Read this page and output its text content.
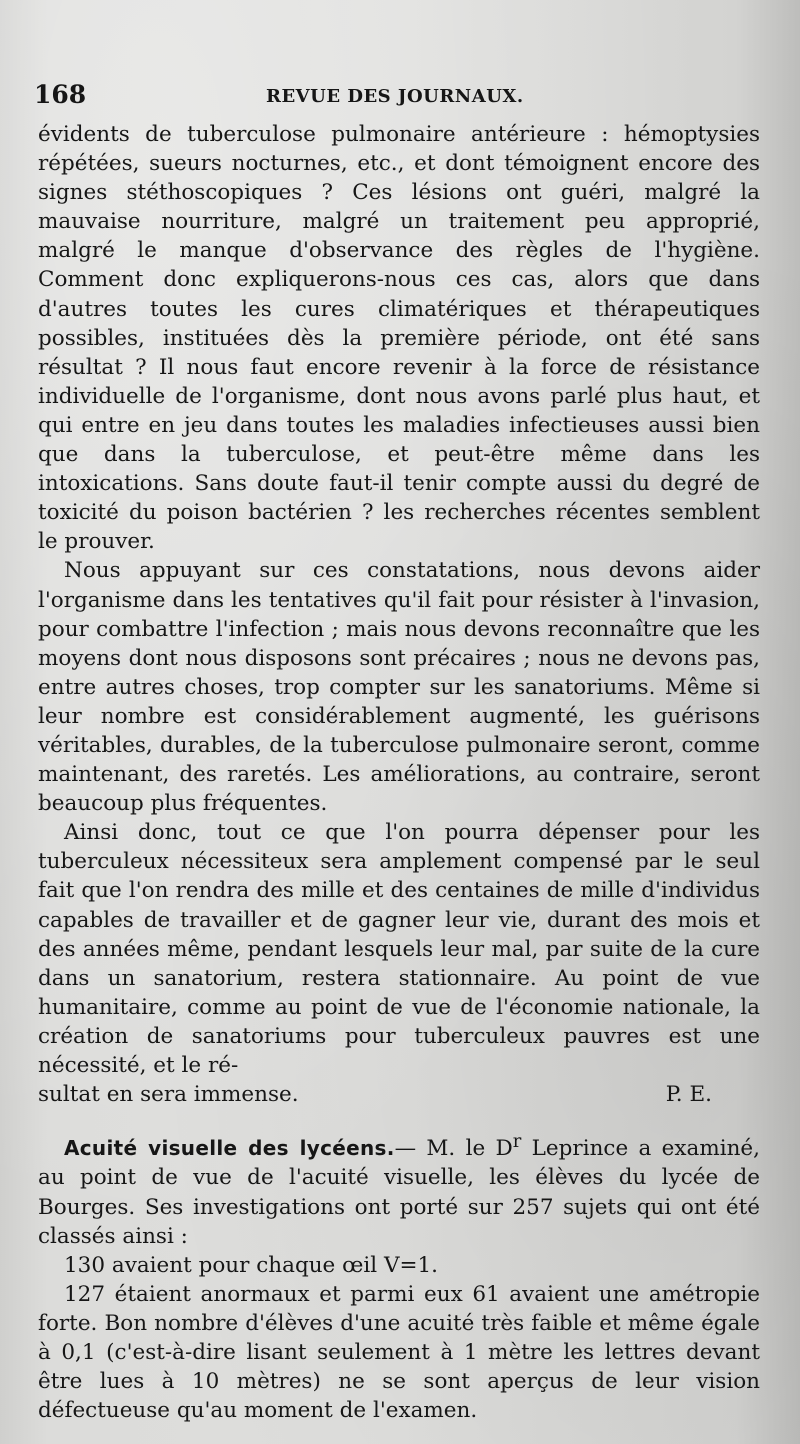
168	REVUE DES JOURNAUX.

évidents de tuberculose pulmonaire antérieure : hémoptysies répétées, sueurs nocturnes, etc., et dont témoignent encore des signes stéthoscopiques ? Ces lésions ont guéri, malgré la mauvaise nourriture, malgré un traitement peu approprié, malgré le manque d'observance des règles de l'hygiène. Comment donc expliquerons-nous ces cas, alors que dans d'autres toutes les cures climatériques et thérapeutiques possibles, instituées dès la première période, ont été sans résultat ? Il nous faut encore revenir à la force de résistance individuelle de l'organisme, dont nous avons parlé plus haut, et qui entre en jeu dans toutes les maladies infectieuses aussi bien que dans la tuberculose, et peut-être même dans les intoxications. Sans doute faut-il tenir compte aussi du degré de toxicité du poison bactérien ? les recherches récentes semblent le prouver.

Nous appuyant sur ces constatations, nous devons aider l'organisme dans les tentatives qu'il fait pour résister à l'invasion, pour combattre l'infection ; mais nous devons reconnaître que les moyens dont nous disposons sont précaires ; nous ne devons pas, entre autres choses, trop compter sur les sanatoriums. Même si leur nombre est considérablement augmenté, les guérisons véritables, durables, de la tuberculose pulmonaire seront, comme maintenant, des raretés. Les améliorations, au contraire, seront beaucoup plus fréquentes.

Ainsi donc, tout ce que l'on pourra dépenser pour les tuberculeux nécessiteux sera amplement compensé par le seul fait que l'on rendra des mille et des centaines de mille d'individus capables de travailler et de gagner leur vie, durant des mois et des années même, pendant lesquels leur mal, par suite de la cure dans un sanatorium, restera stationnaire. Au point de vue humanitaire, comme au point de vue de l'économie nationale, la création de sanatoriums pour tuberculeux pauvres est une nécessité, et le ré-

sultat en sera immense.	P. E.

Acuité visuelle des lycéens.— M. le $D^r$ Leprince a examiné, au point de vue de l'acuité visuelle, les élèves du lycée de Bourges. Ses investigations ont porté sur 257 sujets qui ont été classés ainsi :

130 avaient pour chaque œil V=1.

127 étaient anormaux et parmi eux 61 avaient une amétropie forte. Bon nombre d'élèves d'une acuité très faible et même égale à 0,1 (c'est-à-dire lisant seulement à 1 mètre les lettres devant être lues à 10 mètres) ne se sont aperçus de leur vision défectueuse qu'au moment de l'examen.
